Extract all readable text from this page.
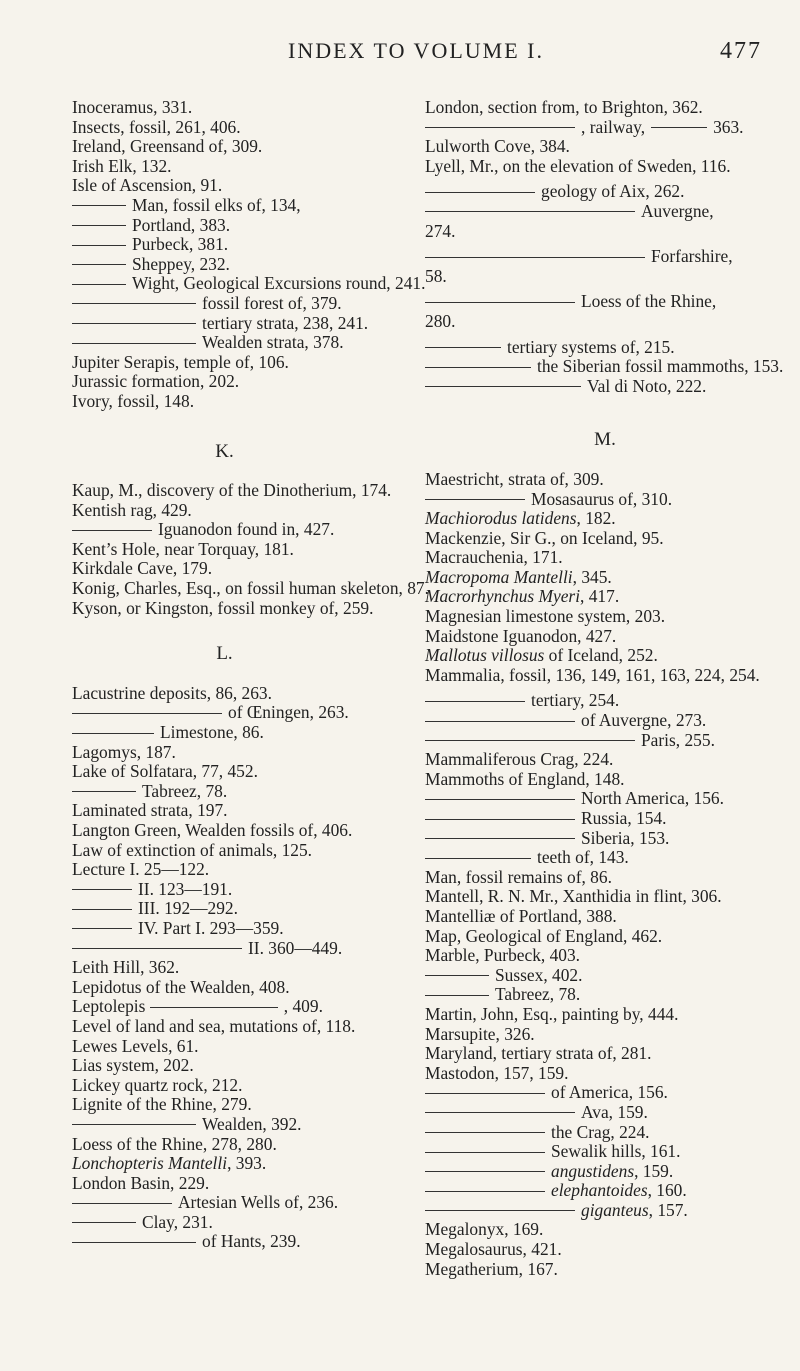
INDEX TO VOLUME I.	477
Inoceramus, 331.
Insects, fossil, 261, 406.
Ireland, Greensand of, 309.
Irish Elk, 132.
Isle of Ascension, 91.
Man, fossil elks of, 134,
Portland, 383.
Purbeck, 381.
Sheppey, 232.
Wight, Geological Excursions round, 241.
fossil forest of, 379.
tertiary strata, 238, 241.
Wealden strata, 378.
Jupiter Serapis, temple of, 106.
Jurassic formation, 202.
Ivory, fossil, 148.
K.
Kaup, M., discovery of the Dinotherium, 174.
Kentish rag, 429.
Iguanodon found in, 427.
Kent’s Hole, near Torquay, 181.
Kirkdale Cave, 179.
Konig, Charles, Esq., on fossil human skeleton, 87.
Kyson, or Kingston, fossil monkey of, 259.
L.
Lacustrine deposits, 86, 263.
of Œningen, 263.
Limestone, 86.
Lagomys, 187.
Lake of Solfatara, 77, 452.
Tabreez, 78.
Laminated strata, 197.
Langton Green, Wealden fossils of, 406.
Law of extinction of animals, 125.
Lecture I. 25—122.
II. 123—191.
III. 192—292.
IV. Part I. 293—359.
II. 360—449.
Leith Hill, 362.
Lepidotus of the Wealden, 408.
Leptolepis	, 409.
Level of land and sea, mutations of, 118.
Lewes Levels, 61.
Lias system, 202.
Lickey quartz rock, 212.
Lignite of the Rhine, 279.
Wealden, 392.
Loess of the Rhine, 278, 280.
Lonchopteris Mantelli, 393.
London Basin, 229.
Artesian Wells of, 236.
Clay, 231.
of Hants, 239.
London, section from, to Brighton, 362.
, railway,	363.
Lulworth Cove, 384.
Lyell, Mr., on the elevation of Sweden, 116.
geology of Aix, 262.
Auvergne,
274.
Forfarshire,
58.
Loess of the Rhine,
280.
tertiary systems of, 215.
the Siberian fossil mammoths, 153.
Val di Noto, 222.
M.
Maestricht, strata of, 309.
Mosasaurus of, 310.
Machiorodus latidens, 182.
Mackenzie, Sir G., on Iceland, 95.
Macrauchenia, 171.
Macropoma Mantelli, 345.
Macrorhynchus Myeri, 417.
Magnesian limestone system, 203.
Maidstone Iguanodon, 427.
Mallotus villosus of Iceland, 252.
Mammalia, fossil, 136, 149, 161, 163, 224, 254.
tertiary, 254.
of Auvergne, 273.
Paris, 255.
Mammaliferous Crag, 224.
Mammoths of England, 148.
North America, 156.
Russia, 154.
Siberia, 153.
teeth of, 143.
Man, fossil remains of, 86.
Mantell, R. N. Mr., Xanthidia in flint, 306.
Mantelliæ of Portland, 388.
Map, Geological of England, 462.
Marble, Purbeck, 403.
Sussex, 402.
Tabreez, 78.
Martin, John, Esq., painting by, 444.
Marsupite, 326.
Maryland, tertiary strata of, 281.
Mastodon, 157, 159.
of America, 156.
Ava, 159.
the Crag, 224.
Sewalik hills, 161.
angustidens, 159.
elephantoides, 160.
giganteus, 157.
Megalonyx, 169.
Megalosaurus, 421.
Megatherium, 167.
